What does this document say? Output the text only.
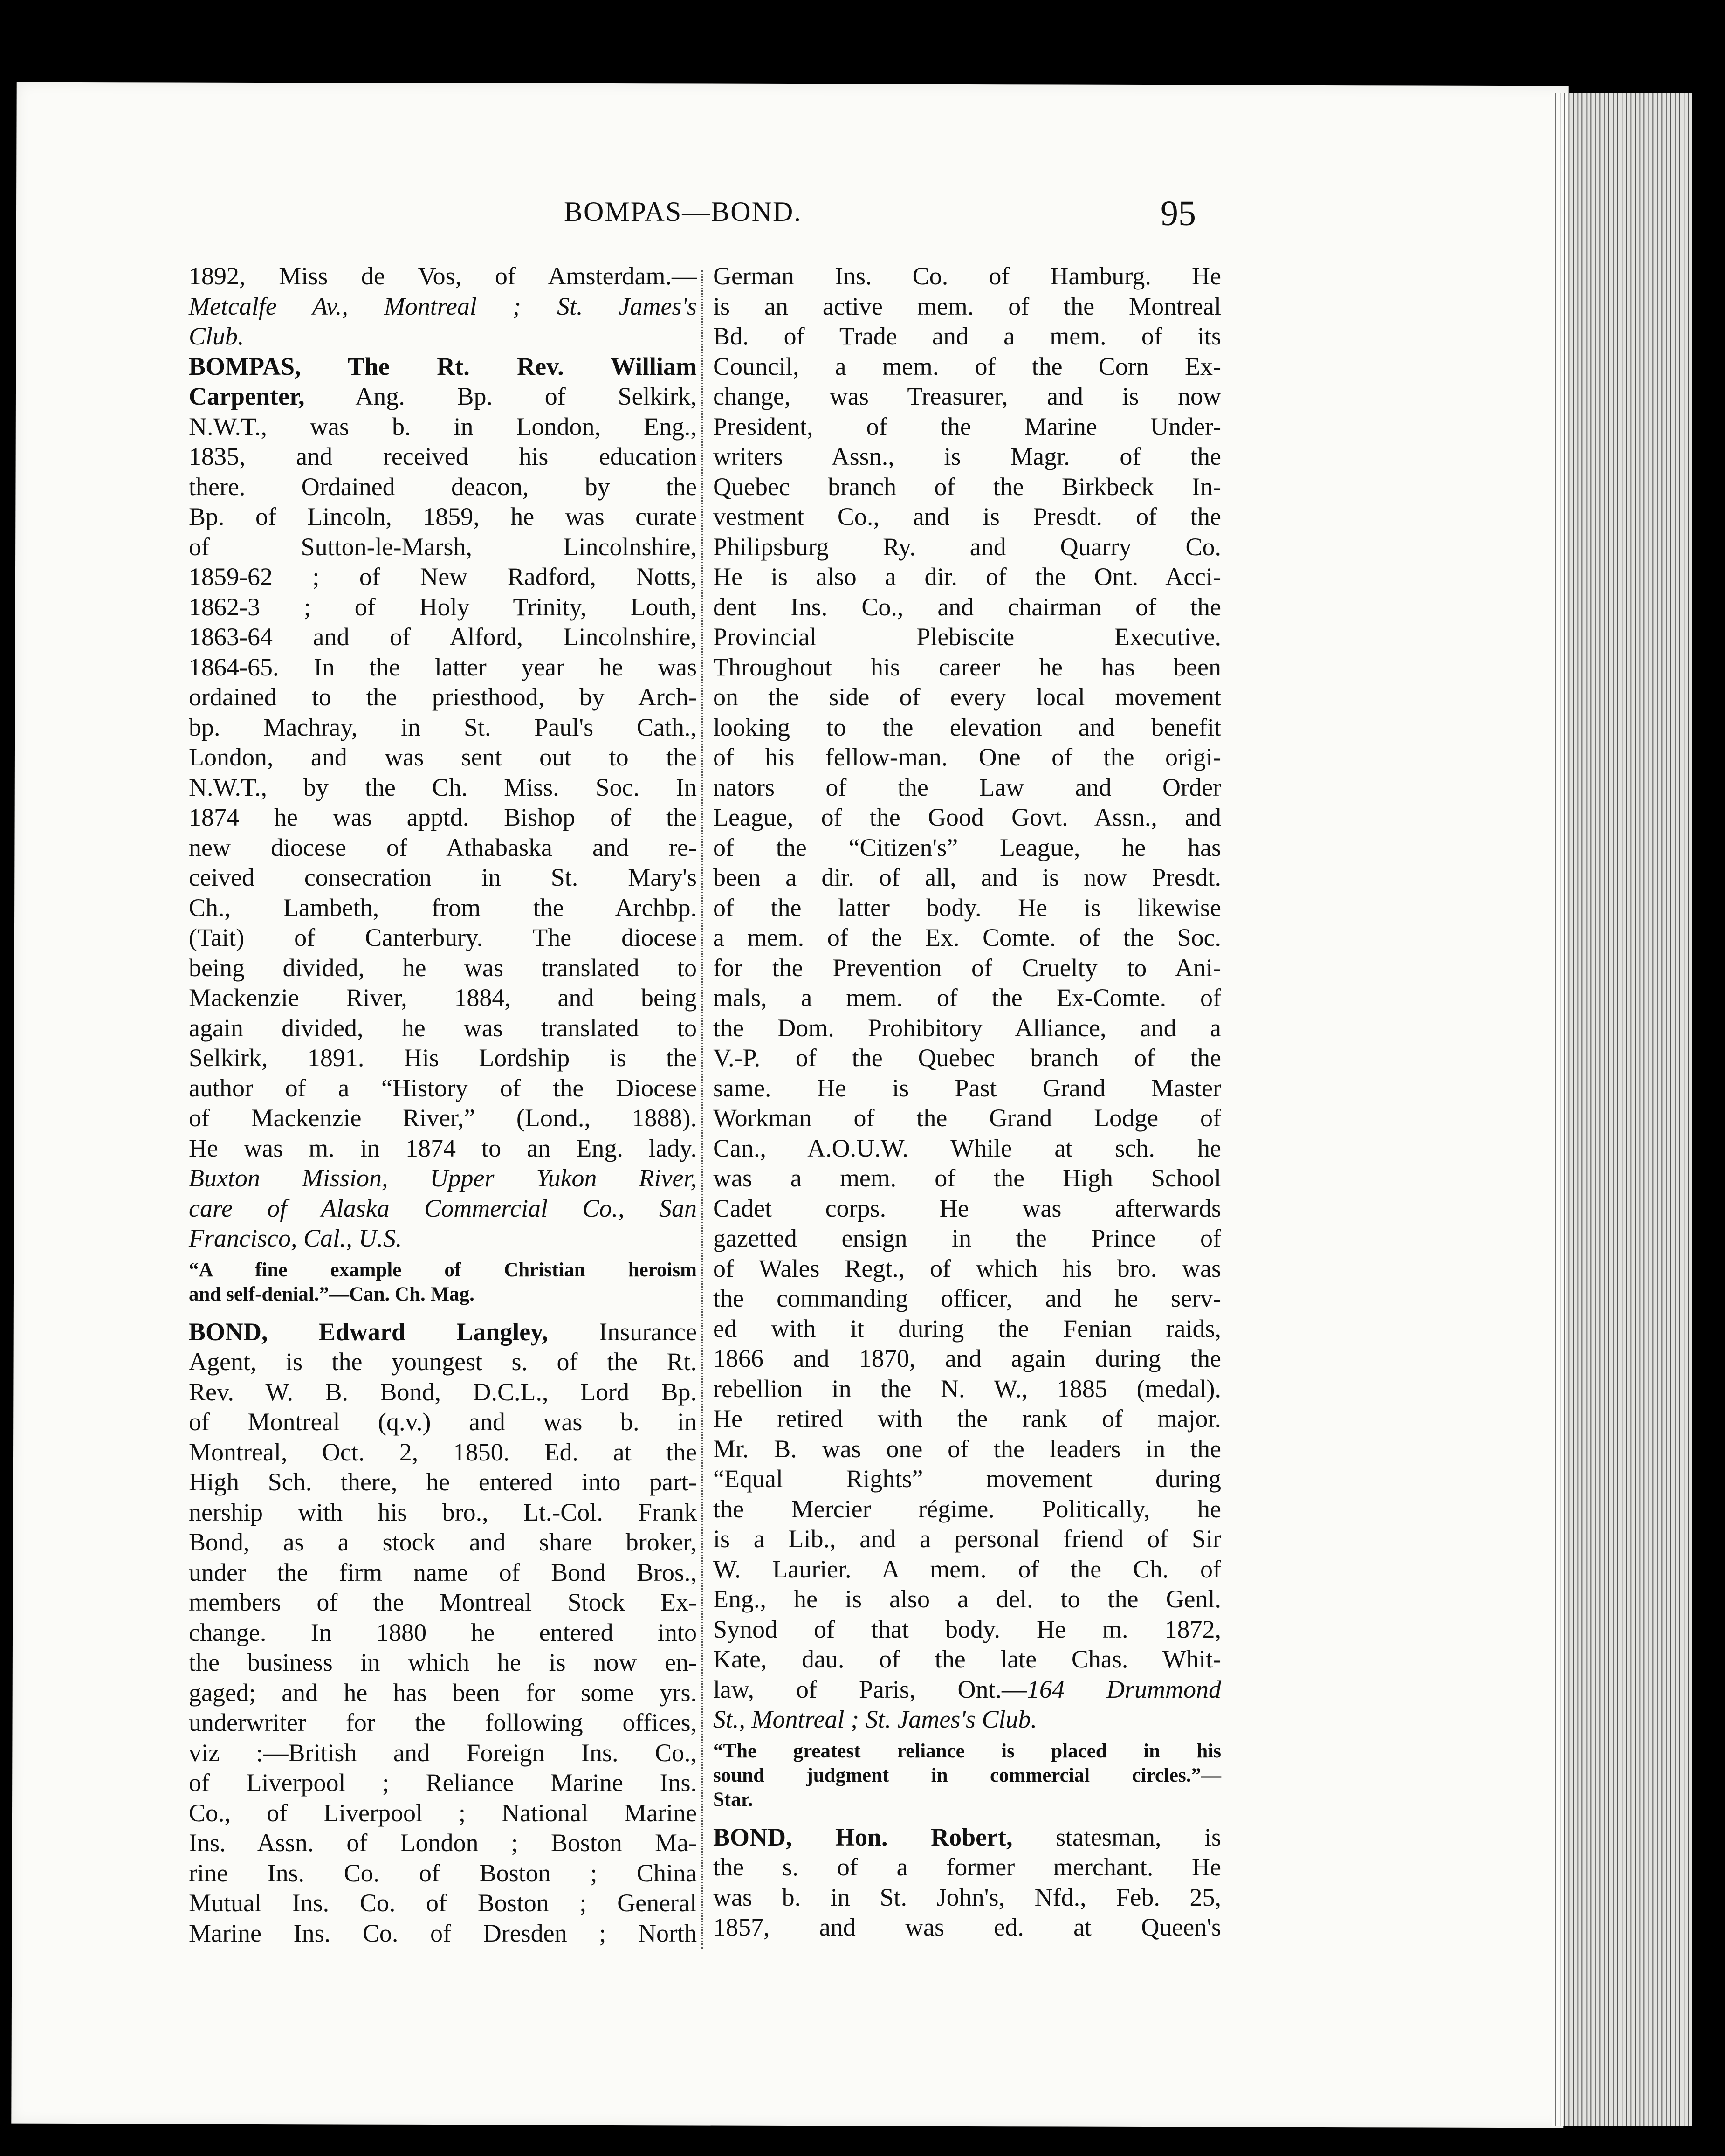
BOMPAS—BOND.	95
1892, Miss de Vos, of Amsterdam.—
Metcalfe Av., Montreal ; St. James's
Club.
BOMPAS, The Rt. Rev. William
Carpenter, Ang. Bp. of Selkirk,
N.W.T., was b. in London, Eng.,
1835, and received his education
there. Ordained deacon, by the
Bp. of Lincoln, 1859, he was curate
of Sutton-le-Marsh, Lincolnshire,
1859-62 ; of New Radford, Notts,
1862-3 ; of Holy Trinity, Louth,
1863-64 and of Alford, Lincolnshire,
1864-65. In the latter year he was
ordained to the priesthood, by Arch-
bp. Machray, in St. Paul's Cath.,
London, and was sent out to the
N.W.T., by the Ch. Miss. Soc. In
1874 he was apptd. Bishop of the
new diocese of Athabaska and re-
ceived consecration in St. Mary's
Ch., Lambeth, from the Archbp.
(Tait) of Canterbury. The diocese
being divided, he was translated to
Mackenzie River, 1884, and being
again divided, he was translated to
Selkirk, 1891. His Lordship is the
author of a “History of the Diocese
of Mackenzie River,” (Lond., 1888).
He was m. in 1874 to an Eng. lady.
Buxton Mission, Upper Yukon River,
care of Alaska Commercial Co., San
Francisco, Cal., U.S.
“A fine example of Christian heroism
and self-denial.”—Can. Ch. Mag.
BOND, Edward Langley, Insurance
Agent, is the youngest s. of the Rt.
Rev. W. B. Bond, D.C.L., Lord Bp.
of Montreal (q.v.) and was b. in
Montreal, Oct. 2, 1850. Ed. at the
High Sch. there, he entered into part-
nership with his bro., Lt.-Col. Frank
Bond, as a stock and share broker,
under the firm name of Bond Bros.,
members of the Montreal Stock Ex-
change. In 1880 he entered into
the business in which he is now en-
gaged; and he has been for some yrs.
underwriter for the following offices,
viz :—British and Foreign Ins. Co.,
of Liverpool ; Reliance Marine Ins.
Co., of Liverpool ; National Marine
Ins. Assn. of London ; Boston Ma-
rine Ins. Co. of Boston ; China
Mutual Ins. Co. of Boston ; General
Marine Ins. Co. of Dresden ; North
German Ins. Co. of Hamburg. He
is an active mem. of the Montreal
Bd. of Trade and a mem. of its
Council, a mem. of the Corn Ex-
change, was Treasurer, and is now
President, of the Marine Under-
writers Assn., is Magr. of the
Quebec branch of the Birkbeck In-
vestment Co., and is Presdt. of the
Philipsburg Ry. and Quarry Co.
He is also a dir. of the Ont. Acci-
dent Ins. Co., and chairman of the
Provincial Plebiscite Executive.
Throughout his career he has been
on the side of every local movement
looking to the elevation and benefit
of his fellow-man. One of the origi-
nators of the Law and Order
League, of the Good Govt. Assn., and
of the “Citizen's” League, he has
been a dir. of all, and is now Presdt.
of the latter body. He is likewise
a mem. of the Ex. Comte. of the Soc.
for the Prevention of Cruelty to Ani-
mals, a mem. of the Ex-Comte. of
the Dom. Prohibitory Alliance, and a
V.-P. of the Quebec branch of the
same. He is Past Grand Master
Workman of the Grand Lodge of
Can., A.O.U.W. While at sch. he
was a mem. of the High School
Cadet corps. He was afterwards
gazetted ensign in the Prince of
of Wales Regt., of which his bro. was
the commanding officer, and he serv-
ed with it during the Fenian raids,
1866 and 1870, and again during the
rebellion in the N. W., 1885 (medal).
He retired with the rank of major.
Mr. B. was one of the leaders in the
“Equal Rights” movement during
the Mercier régime. Politically, he
is a Lib., and a personal friend of Sir
W. Laurier. A mem. of the Ch. of
Eng., he is also a del. to the Genl.
Synod of that body. He m. 1872,
Kate, dau. of the late Chas. Whit-
law, of Paris, Ont.—164 Drummond
St., Montreal ; St. James's Club.
“The greatest reliance is placed in his
sound judgment in commercial circles.”—
Star.
BOND, Hon. Robert, statesman, is
the s. of a former merchant. He
was b. in St. John's, Nfd., Feb. 25,
1857, and was ed. at Queen's
